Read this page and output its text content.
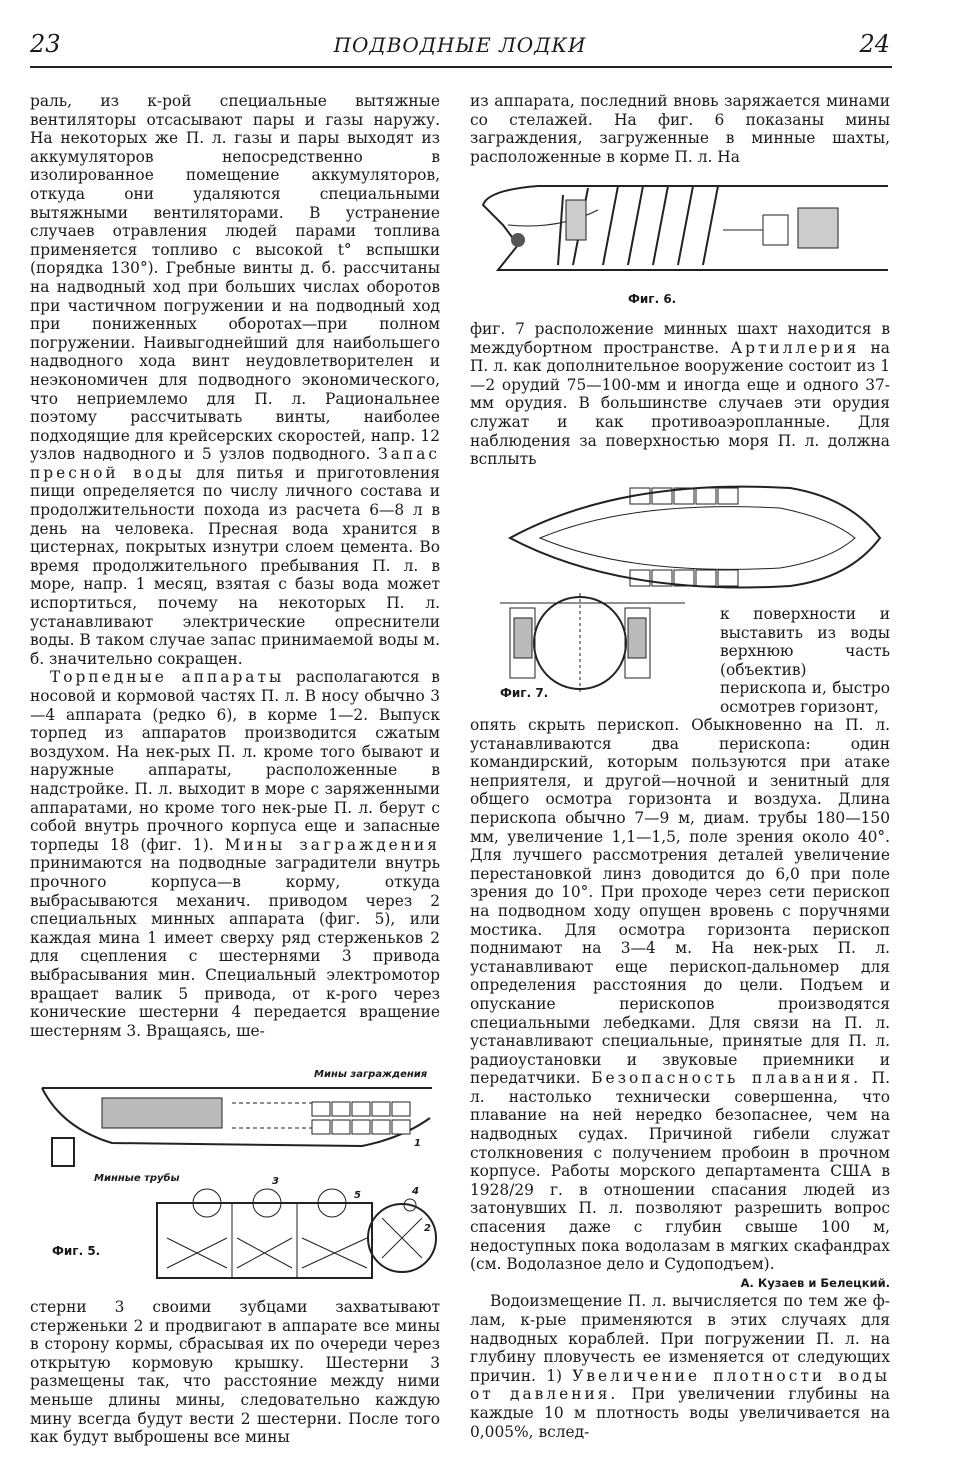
23	ПОДВОДНЫЕ ЛОДКИ	24

раль, из к-рой специальные вытяжные вентиляторы отсасывают пары и газы наружу. На некоторых же П. л. газы и пары выходят из аккумуляторов непосредственно в изолированное помещение аккумуляторов, откуда они удаляются специальными вытяжными вентиляторами. В устранение случаев отравления людей парами топлива применяется топливо с высокой t° вспышки (порядка 130°). Гребные винты д. б. рассчитаны на надводный ход при больших числах оборотов при частичном погружении и на подводный ход при пониженных оборотах—при полном погружении. Наивыгоднейший для наибольшего надводного хода винт неудовлетворителен и неэкономичен для подводного экономического, что неприемлемо для П. л. Рациональнее поэтому рассчитывать винты, наиболее подходящие для крейсерских скоростей, напр. 12 узлов надводного и 5 узлов подводного. Запас пресной воды для питья и приготовления пищи определяется по числу личного состава и продолжительности похода из расчета 6—8 л в день на человека. Пресная вода хранится в цистернах, покрытых изнутри слоем цемента. Во время продолжительного пребывания П. л. в море, напр. 1 месяц, взятая с базы вода может испортиться, почему на некоторых П. л. устанавливают электрические опреснители воды. В таком случае запас принимаемой воды м. б. значительно сокращен.

Торпедные аппараты располагаются в носовой и кормовой частях П. л. В носу обычно 3—4 аппарата (редко 6), в корме 1—2. Выпуск торпед из аппаратов производится сжатым воздухом. На нек-рых П. л. кроме того бывают и наружные аппараты, расположенные в надстройке. П. л. выходит в море с заряженными аппаратами, но кроме того нек-рые П. л. берут с собой внутрь прочного корпуса еще и запасные торпеды 18 (фиг. 1). Мины заграждения принимаются на подводные заградители внутрь прочного корпуса—в корму, откуда выбрасываются механич. приводом через 2 специальных минных аппарата (фиг. 5), или каждая мина 1 имеет сверху ряд стерженьков 2 для сцепления с шестернями 3 привода выбрасывания мин. Специальный электромотор вращает валик 5 привода, от к-рого через конические шестерни 4 передается вращение шестерням 3. Вращаясь, ше-

Мины заграждения
Минные трубы
1
2
3
4
5
Фиг. 5.

стерни 3 своими зубцами захватывают стерженьки 2 и продвигают в аппарате все мины в сторону кормы, сбрасывая их по очереди через открытую кормовую крышку. Шестерни 3 размещены так, что расстояние между ними меньше длины мины, следовательно каждую мину всегда будут вести 2 шестерни. После того как будут выброшены все мины

из аппарата, последний вновь заряжается минами со стелажей. На фиг. 6 показаны мины заграждения, загруженные в минные шахты, расположенные в корме П. л. На

Фиг. 6.

фиг. 7 расположение минных шахт находится в междубортном пространстве. Артиллерия на П. л. как дополнительное вооружение состоит из 1—2 орудий 75—100-мм и иногда еще и одного 37-мм орудия. В большинстве случаев эти орудия служат и как противоаэропланные. Для наблюдения за поверхностью моря П. л. должна всплыть

Фиг. 7.

к поверхности и выставить из воды верхнюю часть (объектив) перископа и, быстро осмотрев горизонт,

опять скрыть перископ. Обыкновенно на П. л. устанавливаются два перископа: один командирский, которым пользуются при атаке неприятеля, и другой—ночной и зенитный для общего осмотра горизонта и воздуха. Длина перископа обычно 7—9 м, диам. трубы 180—150 мм, увеличение 1,1—1,5, поле зрения около 40°. Для лучшего рассмотрения деталей увеличение перестановкой линз доводится до 6,0 при поле зрения до 10°. При проходе через сети перископ на подводном ходу опущен вровень с поручнями мостика. Для осмотра горизонта перископ поднимают на 3—4 м. На нек-рых П. л. устанавливают еще перископ-дальномер для определения расстояния до цели. Подъем и опускание перископов производятся специальными лебедками. Для связи на П. л. устанавливают специальные, принятые для П. л. радиоустановки и звуковые приемники и передатчики. Безопасность плавания. П. л. настолько технически совершенна, что плавание на ней нередко безопаснее, чем на надводных судах. Причиной гибели служат столкновения с получением пробоин в прочном корпусе. Работы морского департамента США в 1928/29 г. в отношении спасания людей из затонувших П. л. позволяют разрешить вопрос спасения даже с глубин свыше 100 м, недоступных пока водолазам в мягких скафандрах (см. Водолазное дело и Судоподъем).

А. Кузаев и Белецкий.

Водоизмещение П. л. вычисляется по тем же ф-лам, к-рые применяются в этих случаях для надводных кораблей. При погружении П. л. на глубину пловучесть ее изменяется от следующих причин. 1) Увеличение плотности воды от давления. При увеличении глубины на каждые 10 м плотность воды увеличивается на 0,005%, вслед-
